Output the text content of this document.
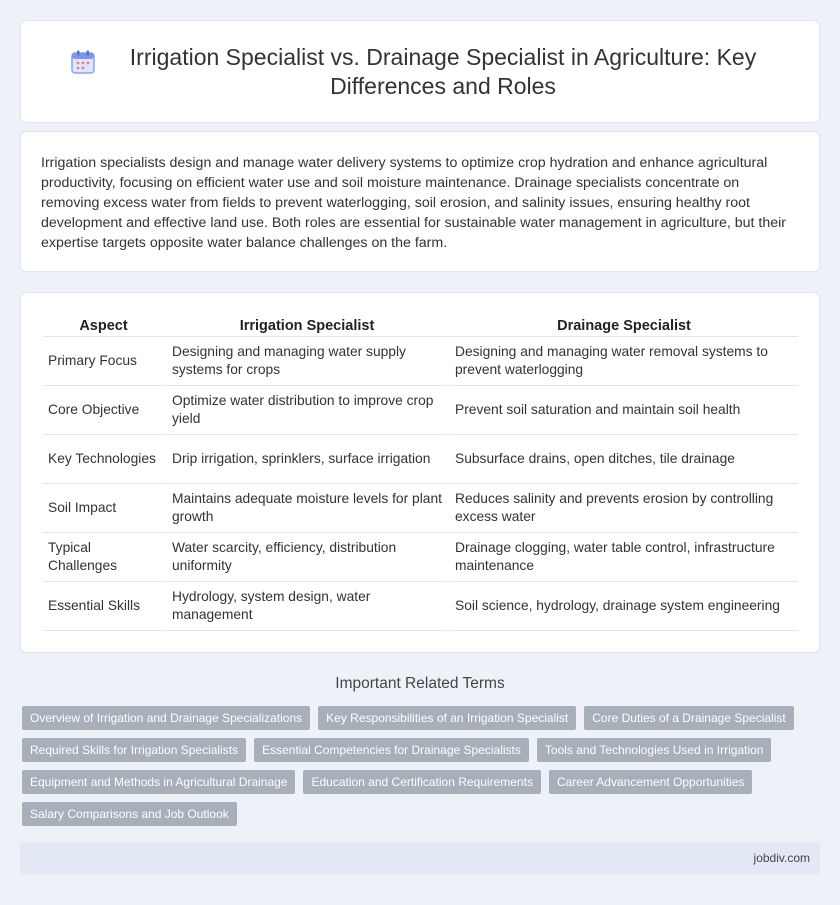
Irrigation Specialist vs. Drainage Specialist in Agriculture: Key Differences and Roles

Irrigation specialists design and manage water delivery systems to optimize crop hydration and enhance agricultural productivity, focusing on efficient water use and soil moisture maintenance. Drainage specialists concentrate on removing excess water from fields to prevent waterlogging, soil erosion, and salinity issues, ensuring healthy root development and effective land use. Both roles are essential for sustainable water management in agriculture, but their expertise targets opposite water balance challenges on the farm.

Aspect	Irrigation Specialist	Drainage Specialist
Primary Focus	Designing and managing water supply systems for crops	Designing and managing water removal systems to prevent waterlogging
Core Objective	Optimize water distribution to improve crop yield	Prevent soil saturation and maintain soil health
Key Technologies	Drip irrigation, sprinklers, surface irrigation	Subsurface drains, open ditches, tile drainage
Soil Impact	Maintains adequate moisture levels for plant growth	Reduces salinity and prevents erosion by controlling excess water
Typical Challenges	Water scarcity, efficiency, distribution uniformity	Drainage clogging, water table control, infrastructure maintenance
Essential Skills	Hydrology, system design, water management	Soil science, hydrology, drainage system engineering
Important Related Terms
Overview of Irrigation and Drainage Specializations	Key Responsibilities of an Irrigation Specialist	Core Duties of a Drainage Specialist
Required Skills for Irrigation Specialists	Essential Competencies for Drainage Specialists	Tools and Technologies Used in Irrigation
Equipment and Methods in Agricultural Drainage	Education and Certification Requirements	Career Advancement Opportunities
Salary Comparisons and Job Outlook
jobdiv.com
